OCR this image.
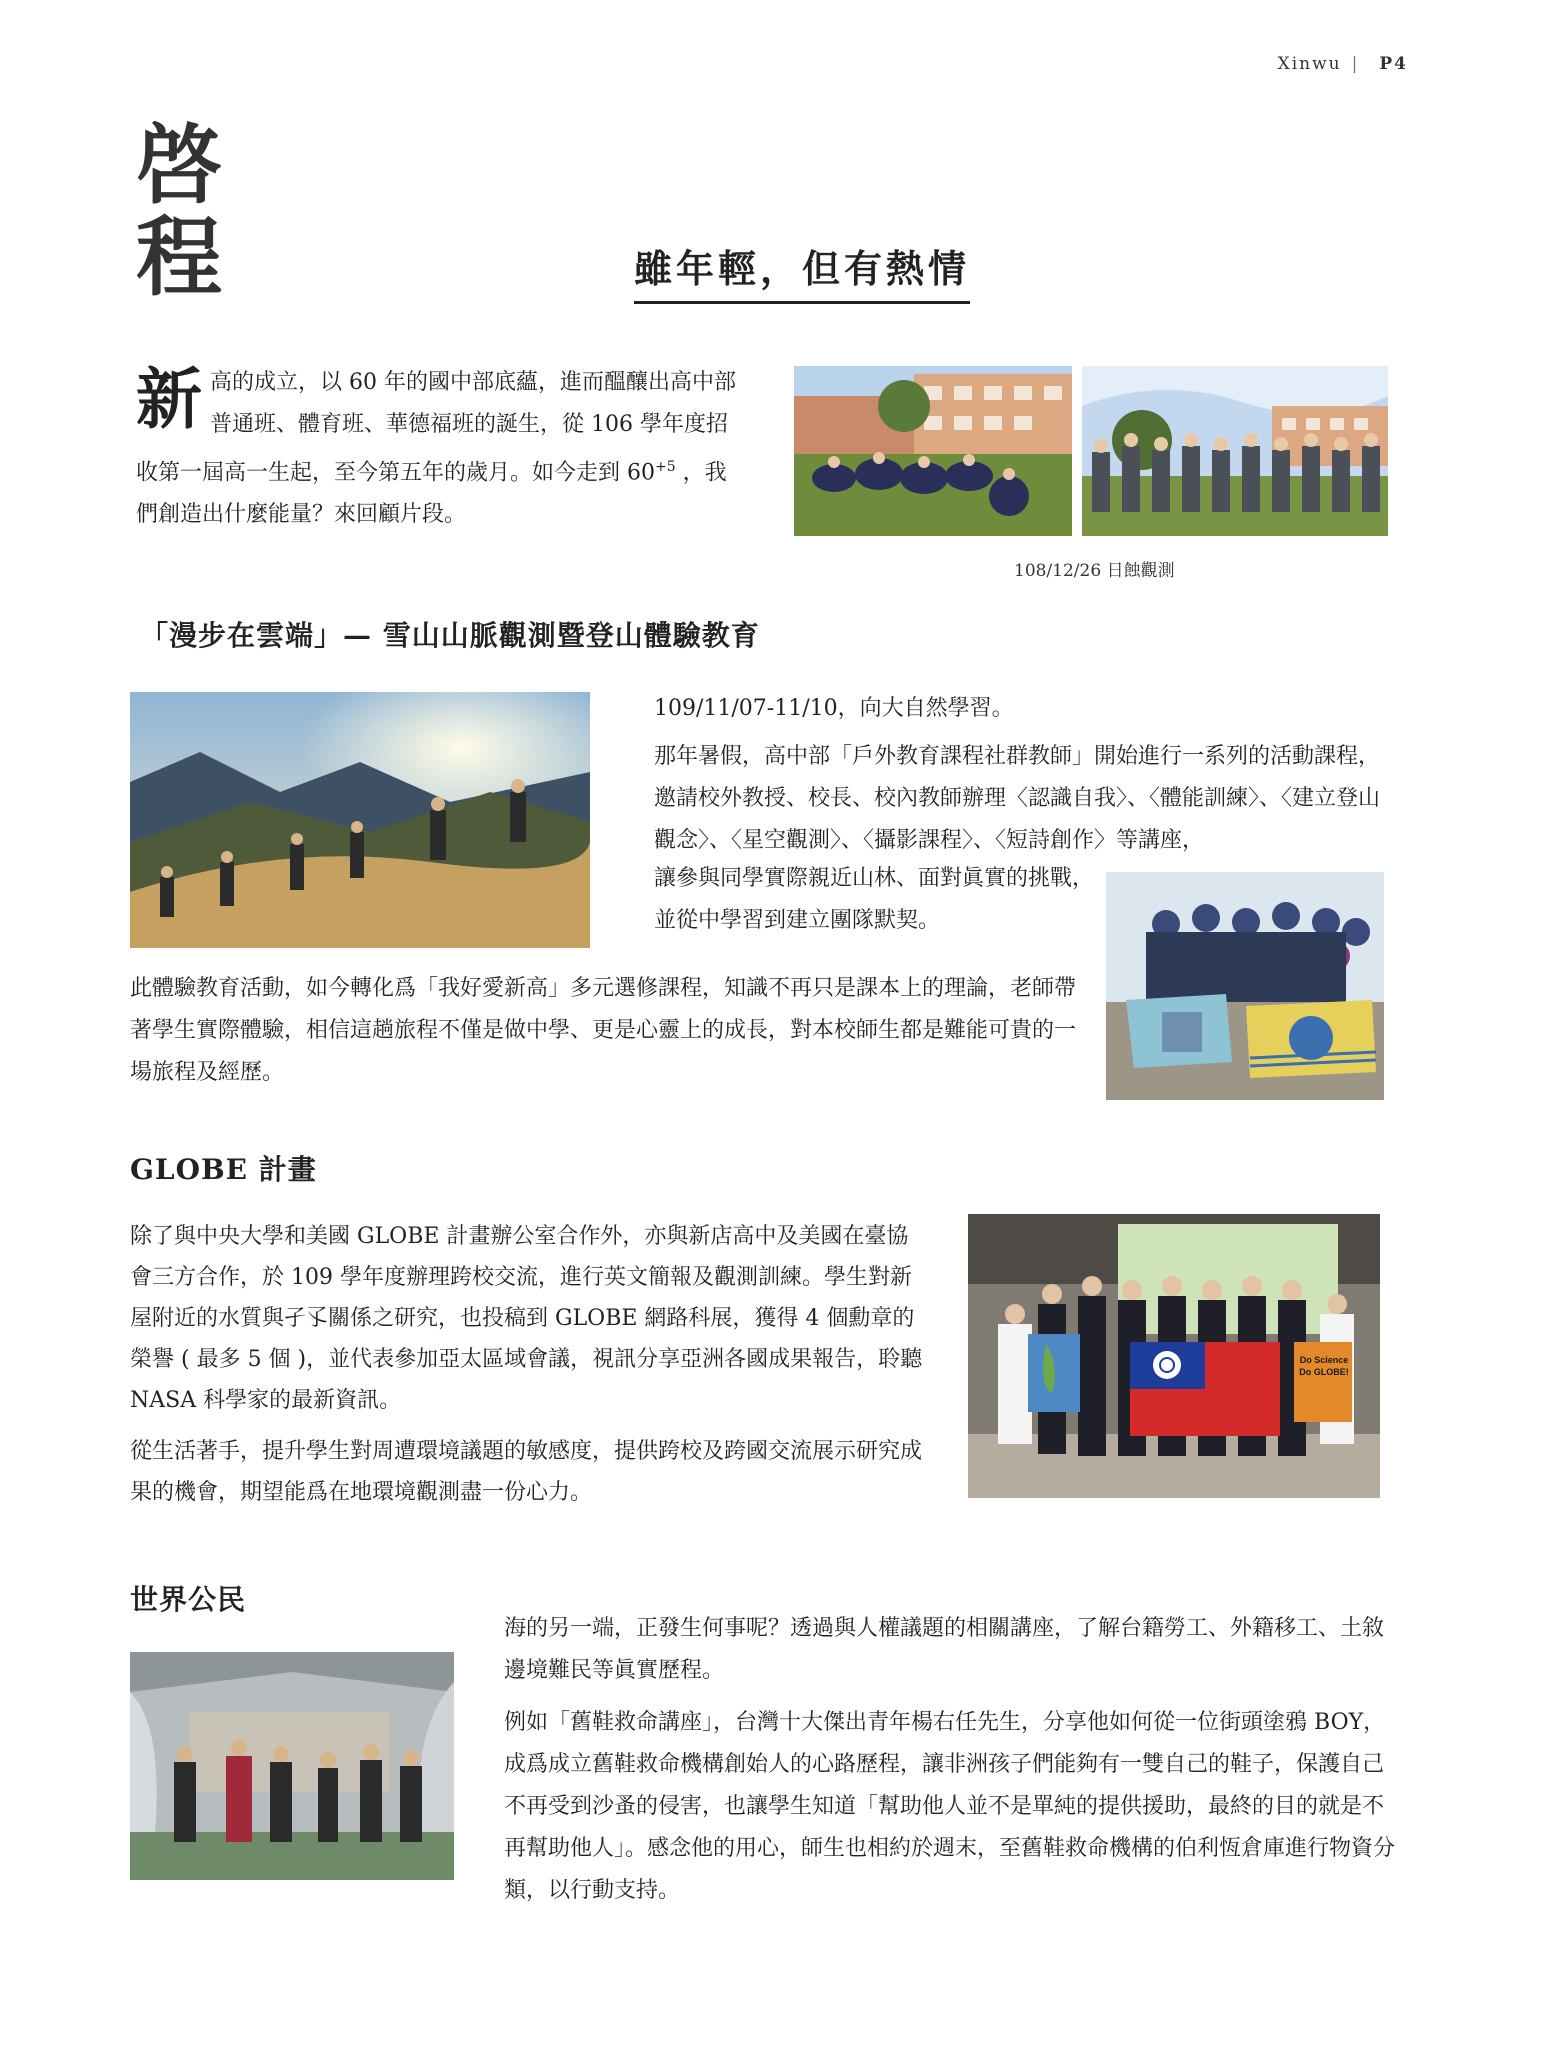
Xinwu | P4
啓
程	雖年輕，但有熱情

新高的成立，以 60 年的國中部底蘊，進而醞釀出高中部普通班、體育班、華德福班的誕生，從 106 學年度招收第一屆高一生起，至今第五年的歲月。如今走到 $60^{+5}$ ，我們創造出什麼能量？來回顧片段。

108/12/26 日蝕觀測
「漫步在雲端」— 雪山山脈觀測暨登山體驗教育

109/11/07-11/10，向大自然學習。

那年暑假，高中部「戶外教育課程社群教師」開始進行一系列的活動課程，邀請校外教授、校長、校內教師辦理〈認識自我〉、〈體能訓練〉、〈建立登山觀念〉、〈星空觀測〉、〈攝影課程〉、〈短詩創作〉等講座，

讓參與同學實際親近山林、面對眞實的挑戰，並從中學習到建立團隊默契。

此體驗教育活動，如今轉化爲「我好愛新高」多元選修課程，知識不再只是課本上的理論，老師帶著學生實際體驗，相信這趟旅程不僅是做中學、更是心靈上的成長，對本校師生都是難能可貴的一場旅程及經歷。

GLOBE 計畫

除了與中央大學和美國 GLOBE 計畫辦公室合作外，亦與新店高中及美國在臺協會三方合作，於 109 學年度辦理跨校交流，進行英文簡報及觀測訓練。學生對新屋附近的水質與孑孓關係之研究，也投稿到 GLOBE 網路科展，獲得 4 個勳章的榮譽 ( 最多 5 個 )，並代表參加亞太區域會議，視訊分享亞洲各國成果報告，聆聽 NASA 科學家的最新資訊。

從生活著手，提升學生對周遭環境議題的敏感度，提供跨校及跨國交流展示研究成果的機會，期望能爲在地環境觀測盡一份心力。

Do Science Do GLOBE!
世界公民

海的另一端，正發生何事呢？透過與人權議題的相關講座，了解台籍勞工、外籍移工、土敘邊境難民等眞實歷程。

例如「舊鞋救命講座」，台灣十大傑出青年楊右任先生，分享他如何從一位街頭塗鴉 BOY，成爲成立舊鞋救命機構創始人的心路歷程，讓非洲孩子們能夠有一雙自己的鞋子，保護自己不再受到沙蚤的侵害，也讓學生知道「幫助他人並不是單純的提供援助，最終的目的就是不再幫助他人」。感念他的用心，師生也相約於週末，至舊鞋救命機構的伯利恆倉庫進行物資分類，以行動支持。
